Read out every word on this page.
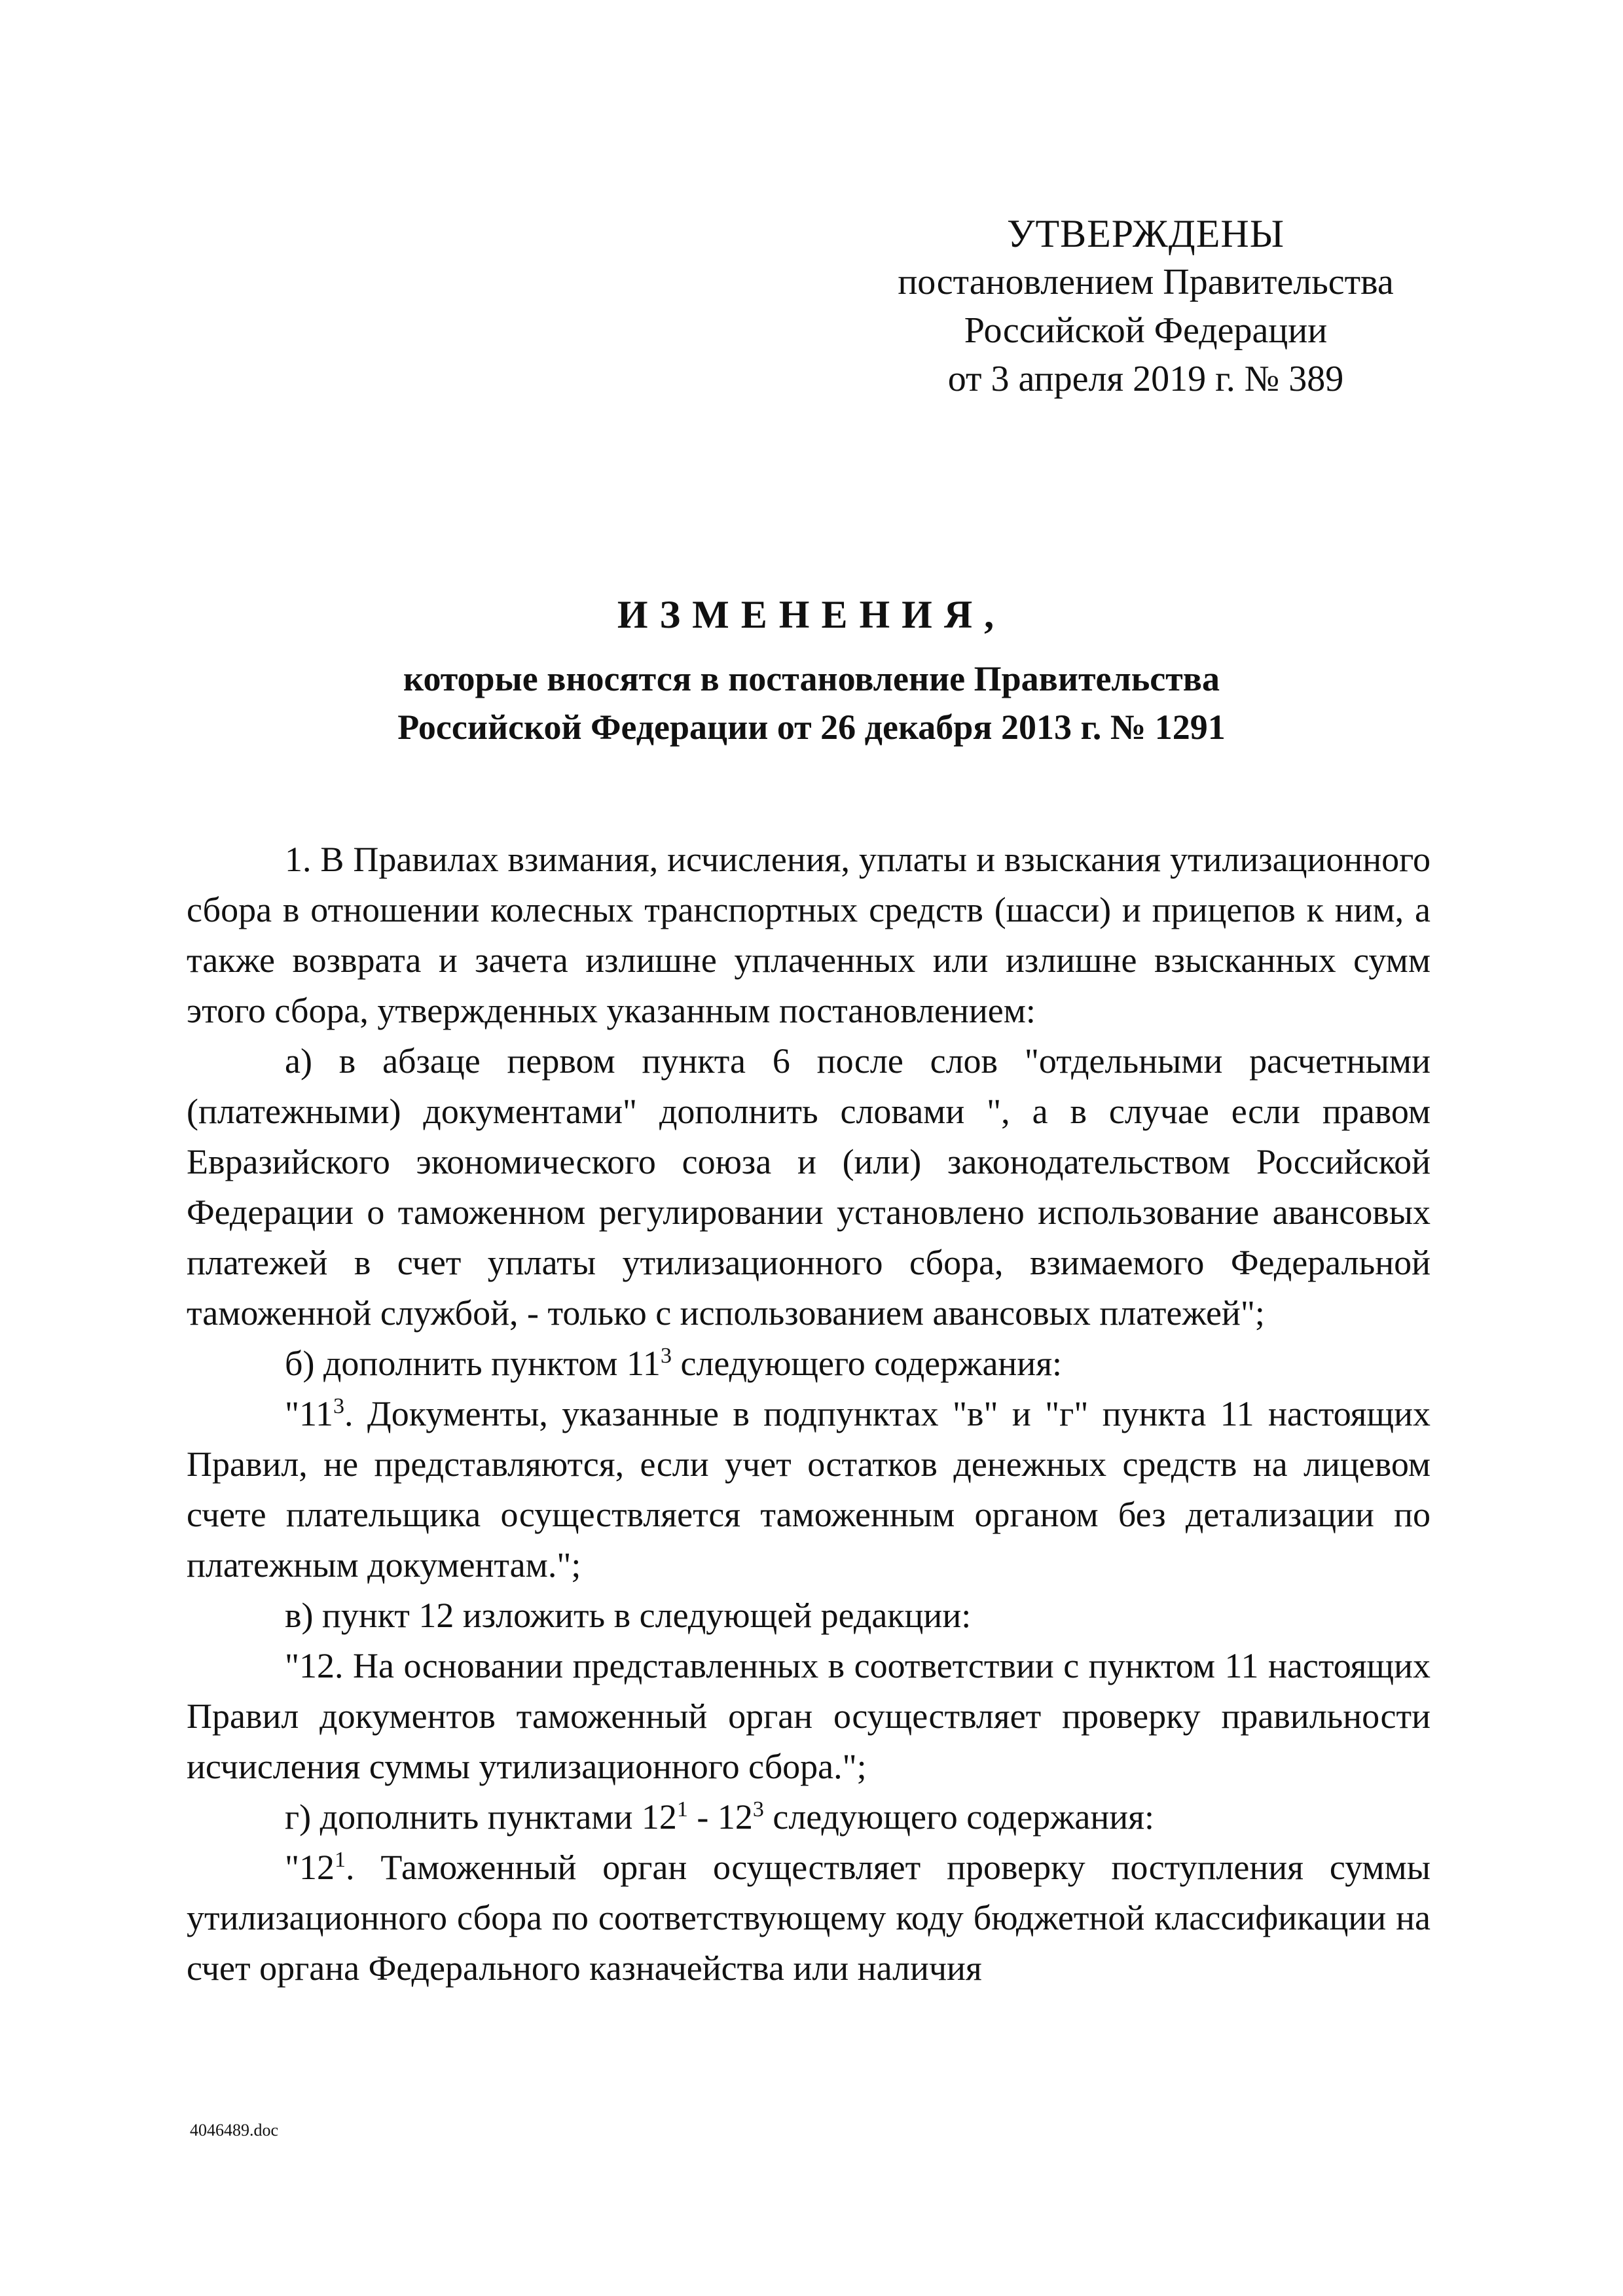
УТВЕРЖДЕНЫ
постановлением Правительства
Российской Федерации
от 3 апреля 2019 г. № 389
ИЗМЕНЕНИЯ,
которые вносятся в постановление Правительства
Российской Федерации от 26 декабря 2013 г. № 1291

1. В Правилах взимания, исчисления, уплаты и взыскания утилизационного сбора в отношении колесных транспортных средств (шасси) и прицепов к ним, а также возврата и зачета излишне уплаченных или излишне взысканных сумм этого сбора, утвержденных указанным постановлением:

а) в абзаце первом пункта 6 после слов "отдельными расчетными (платежными) документами" дополнить словами ", а в случае если правом Евразийского экономического союза и (или) законодательством Российской Федерации о таможенном регулировании установлено использование авансовых платежей в счет уплаты утилизационного сбора, взимаемого Федеральной таможенной службой, - только с использованием авансовых платежей";

б) дополнить пунктом $11^3$ следующего содержания:

"$11^3$. Документы, указанные в подпунктах "в" и "г" пункта 11 настоящих Правил, не представляются, если учет остатков денежных средств на лицевом счете плательщика осуществляется таможенным органом без детализации по платежным документам.";

в) пункт 12 изложить в следующей редакции:

"12. На основании представленных в соответствии с пунктом 11 настоящих Правил документов таможенный орган осуществляет проверку правильности исчисления суммы утилизационного сбора.";

г) дополнить пунктами $12^1 - 12^3$ следующего содержания:

"$12^1$. Таможенный орган осуществляет проверку поступления суммы утилизационного сбора по соответствующему коду бюджетной классификации на счет органа Федерального казначейства или наличия

4046489.doc
